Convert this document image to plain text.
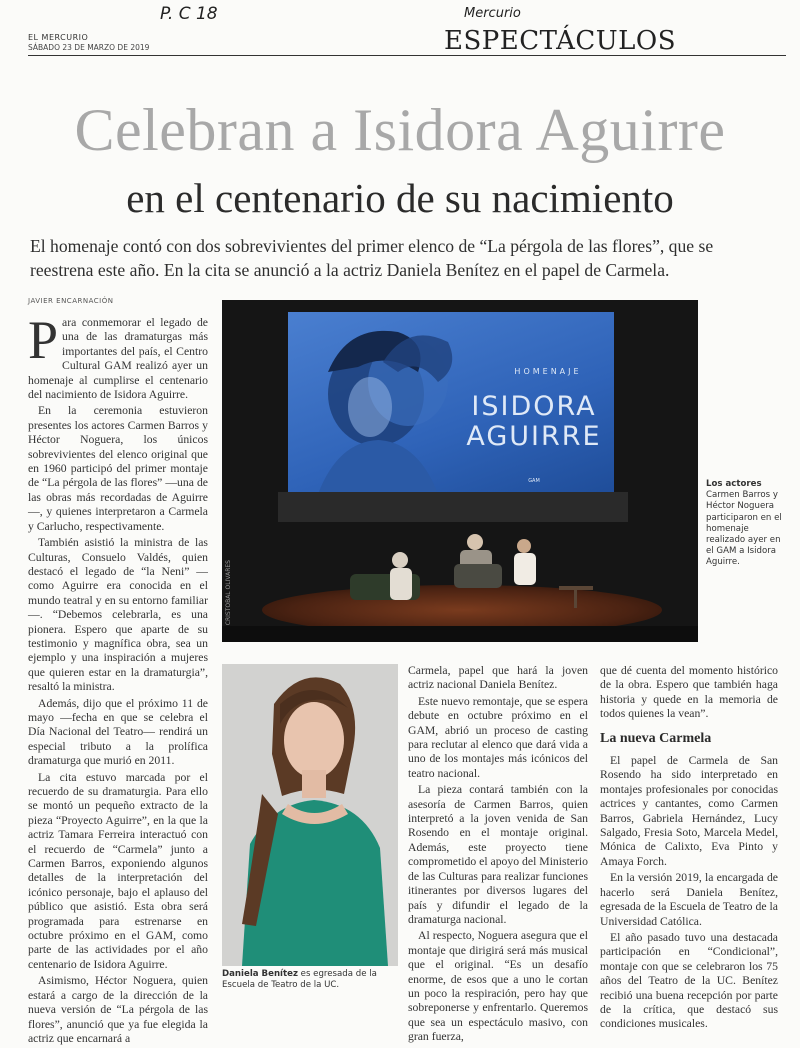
P. C 18	Mercurio
EL MERCURIO
SÁBADO 23 DE MARZO DE 2019	ESPECTÁCULOS
Celebran a Isidora Aguirre
en el centenario de su nacimiento
El homenaje contó con dos sobrevivientes del primer elenco de “La pérgola de las flores”, que se reestrena este año. En la cita se anunció a la actriz Daniela Benítez en el papel de Carmela.
JAVIER ENCARNACIÓN

Para conmemorar el legado de una de las dramaturgas más importantes del país, el Centro Cultural GAM realizó ayer un homenaje al cumplirse el centenario del nacimiento de Isidora Aguirre.

En la ceremonia estuvieron presentes los actores Carmen Barros y Héctor Noguera, los únicos sobrevivientes del elenco original que en 1960 participó del primer montaje de “La pérgola de las flores” —una de las obras más recordadas de Aguirre—, y quienes interpretaron a Carmela y Carlucho, respectivamente.

También asistió la ministra de las Culturas, Consuelo Valdés, quien destacó el legado de “la Neni” —como Aguirre era conocida en el mundo teatral y en su entorno familiar—. “Debemos celebrarla, es una pionera. Espero que aparte de su testimonio y magnífica obra, sea un ejemplo y una inspiración a mujeres que quieren estar en la dramaturgia”, resaltó la ministra.

Además, dijo que el próximo 11 de mayo —fecha en que se celebra el Día Nacional del Teatro— rendirá un especial tributo a la prolífica dramaturga que murió en 2011.

La cita estuvo marcada por el recuerdo de su dramaturgia. Para ello se montó un pequeño extracto de la pieza “Proyecto Aguirre”, en la que la actriz Tamara Ferreira interactuó con el recuerdo de “Carmela” junto a Carmen Barros, exponiendo algunos detalles de la interpretación del icónico personaje, bajo el aplauso del público que asistió. Esta obra será programada para estrenarse en octubre próximo en el GAM, como parte de las actividades por el año centenario de Isidora Aguirre.

Asimismo, Héctor Noguera, quien estará a cargo de la dirección de la nueva versión de “La pérgola de las flores”, anunció que ya fue elegida la actriz que encarnará a

HOMENAJE
ISIDORA
AGUIRRE
GAM
CRISTÓBAL OLIVARES
Los actores
Carmen Barros y Héctor Noguera participaron en el homenaje realizado ayer en el GAM a Isidora Aguirre.
Daniela Benítez es egresada de la Escuela de Teatro de la UC.

Carmela, papel que hará la joven actriz nacional Daniela Benítez.

Este nuevo remontaje, que se espera debute en octubre próximo en el GAM, abrió un proceso de casting para reclutar al elenco que dará vida a uno de los montajes más icónicos del teatro nacional.

La pieza contará también con la asesoría de Carmen Barros, quien interpretó a la joven venida de San Rosendo en el montaje original. Además, este proyecto tiene comprometido el apoyo del Ministerio de las Culturas para realizar funciones itinerantes por diversos lugares del país y difundir el legado de la dramaturga nacional.

Al respecto, Noguera asegura que el montaje que dirigirá será más musical que el original. “Es un desafío enorme, de esos que a uno le cortan un poco la respiración, pero hay que sobreponerse y enfrentarlo. Queremos que sea un espectáculo masivo, con gran fuerza,

que dé cuenta del momento histórico de la obra. Espero que también haga historia y quede en la memoria de todos quienes la vean”.

La nueva Carmela

El papel de Carmela de San Rosendo ha sido interpretado en montajes profesionales por conocidas actrices y cantantes, como Carmen Barros, Gabriela Hernández, Lucy Salgado, Fresia Soto, Marcela Medel, Mónica de Calixto, Eva Pinto y Amaya Forch.

En la versión 2019, la encargada de hacerlo será Daniela Benítez, egresada de la Escuela de Teatro de la Universidad Católica.

El año pasado tuvo una destacada participación en “Condicional”, montaje con que se celebraron los 75 años del Teatro de la UC. Benítez recibió una buena recepción por parte de la crítica, que destacó sus condiciones musicales.
